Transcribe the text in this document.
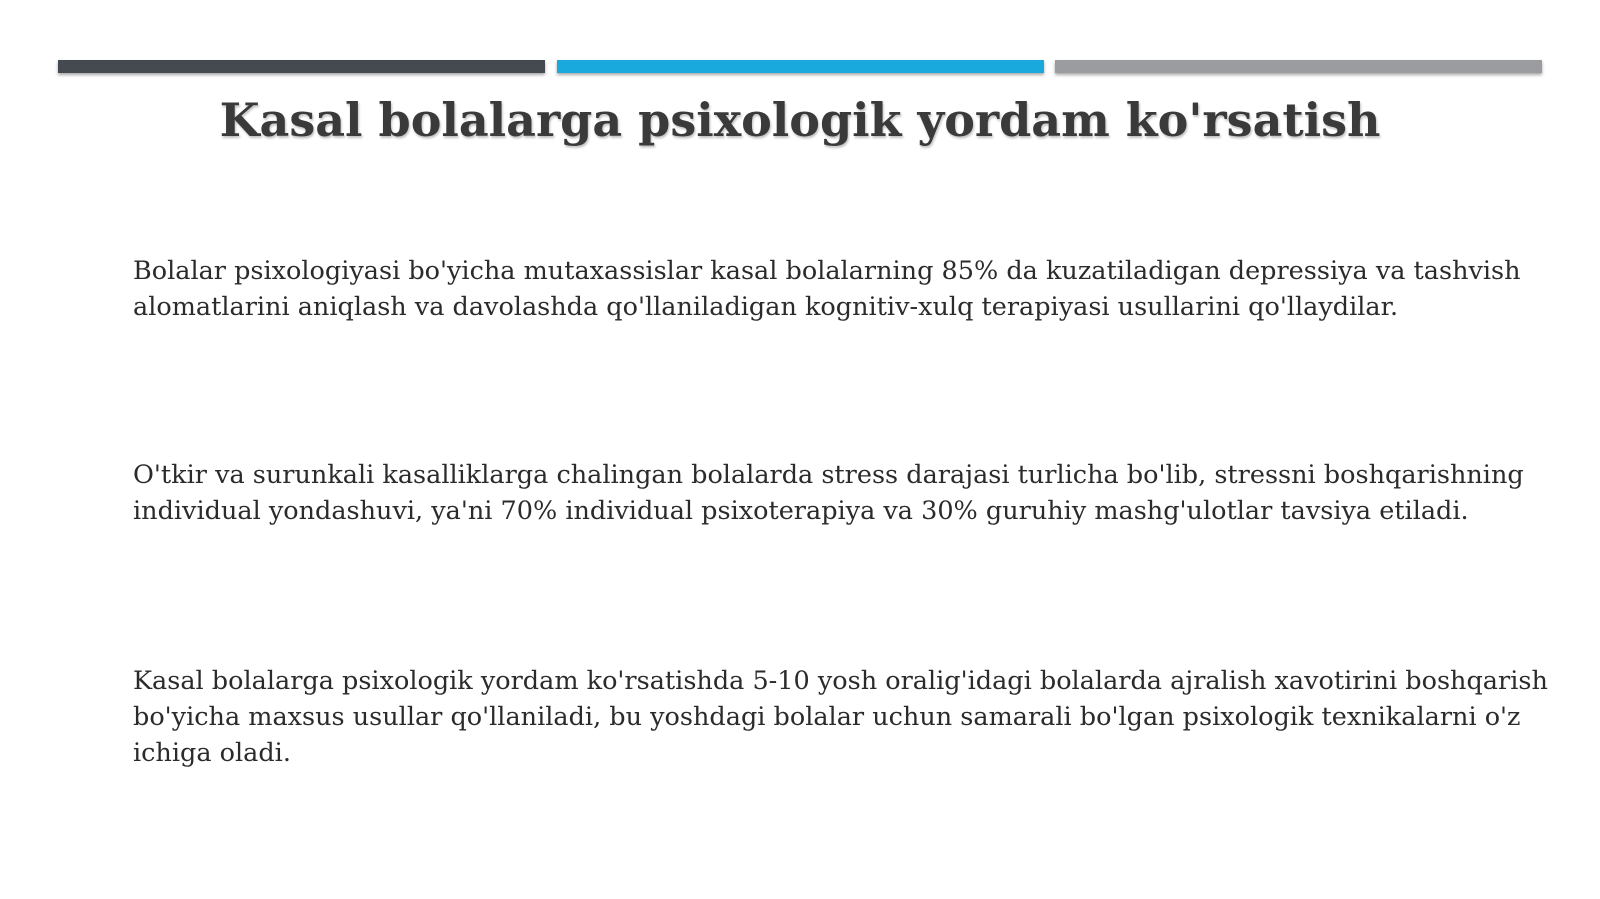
Kasal bolalarga psixologik yordam ko'rsatish

Bolalar psixologiyasi bo'yicha mutaxassislar kasal bolalarning 85% da kuzatiladigan depressiya va tashvish alomatlarini aniqlash va davolashda qo'llaniladigan kognitiv-xulq terapiyasi usullarini qo'llaydilar.

O'tkir va surunkali kasalliklarga chalingan bolalarda stress darajasi turlicha bo'lib, stressni boshqarishning individual yondashuvi, ya'ni 70% individual psixoterapiya va 30% guruhiy mashg'ulotlar tavsiya etiladi.

Kasal bolalarga psixologik yordam ko'rsatishda 5-10 yosh oralig'idagi bolalarda ajralish xavotirini boshqarish bo'yicha maxsus usullar qo'llaniladi, bu yoshdagi bolalar uchun samarali bo'lgan psixologik texnikalarni o'z ichiga oladi.
